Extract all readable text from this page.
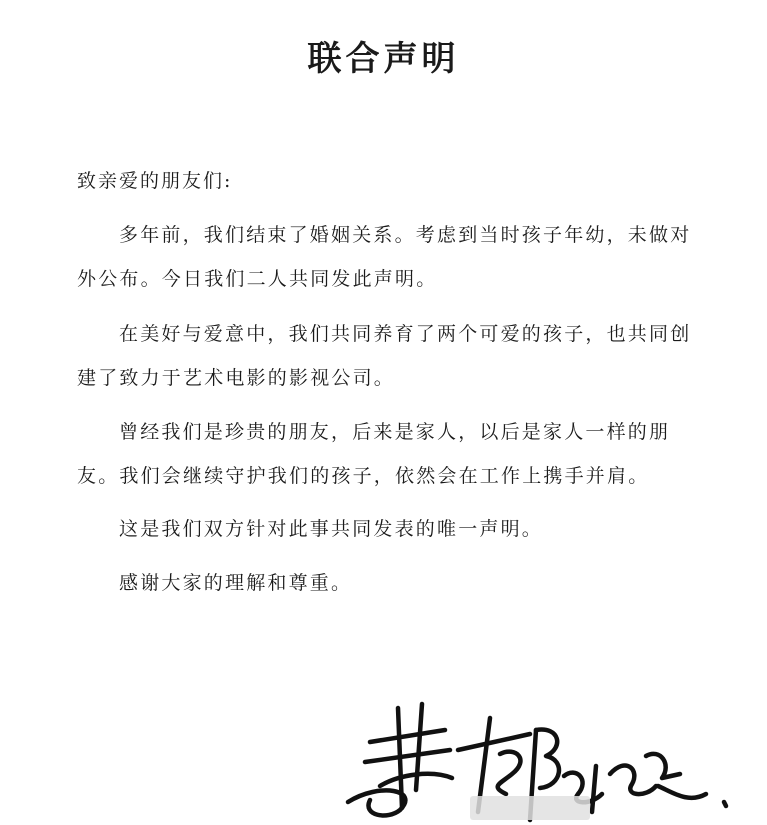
联合声明
致亲爱的朋友们:
多年前，我们结束了婚姻关系。考虑到当时孩子年幼，未做对外公布。今日我们二人共同发此声明。
在美好与爱意中，我们共同养育了两个可爱的孩子，也共同创建了致力于艺术电影的影视公司。
曾经我们是珍贵的朋友，后来是家人，以后是家人一样的朋友。我们会继续守护我们的孩子，依然会在工作上携手并肩。
这是我们双方针对此事共同发表的唯一声明。
感谢大家的理解和尊重。
